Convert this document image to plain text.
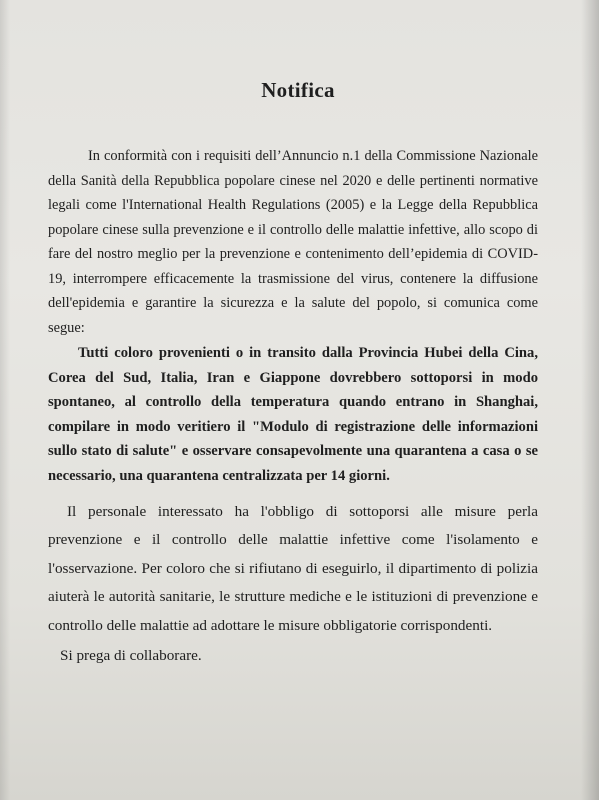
Notifica

In conformità con i requisiti dell’Annuncio n.1 della Commissione Nazionale della Sanità della Repubblica popolare cinese nel 2020 e delle pertinenti normative legali come l'International Health Regulations (2005) e la Legge della Repubblica popolare cinese sulla prevenzione e il controllo delle malattie infettive, allo scopo di fare del nostro meglio per la prevenzione e contenimento dell’epidemia di COVID-19, interrompere efficacemente la trasmissione del virus, contenere la diffusione dell'epidemia e garantire la sicurezza e la salute del popolo, si comunica come segue:

Tutti coloro provenienti o in transito dalla Provincia Hubei della Cina, Corea del Sud, Italia, Iran e Giappone dovrebbero sottoporsi in modo spontaneo, al controllo della temperatura quando entrano in Shanghai, compilare in modo veritiero il "Modulo di registrazione delle informazioni sullo stato di salute" e osservare consapevolmente una quarantena a casa o se necessario, una quarantena centralizzata per 14 giorni.

Il personale interessato ha l'obbligo di sottoporsi alle misure perla prevenzione e il controllo delle malattie infettive come l'isolamento e l'osservazione. Per coloro che si rifiutano di eseguirlo, il dipartimento di polizia aiuterà le autorità sanitarie, le strutture mediche e le istituzioni di prevenzione e controllo delle malattie ad adottare le misure obbligatorie corrispondenti.

Si prega di collaborare.
